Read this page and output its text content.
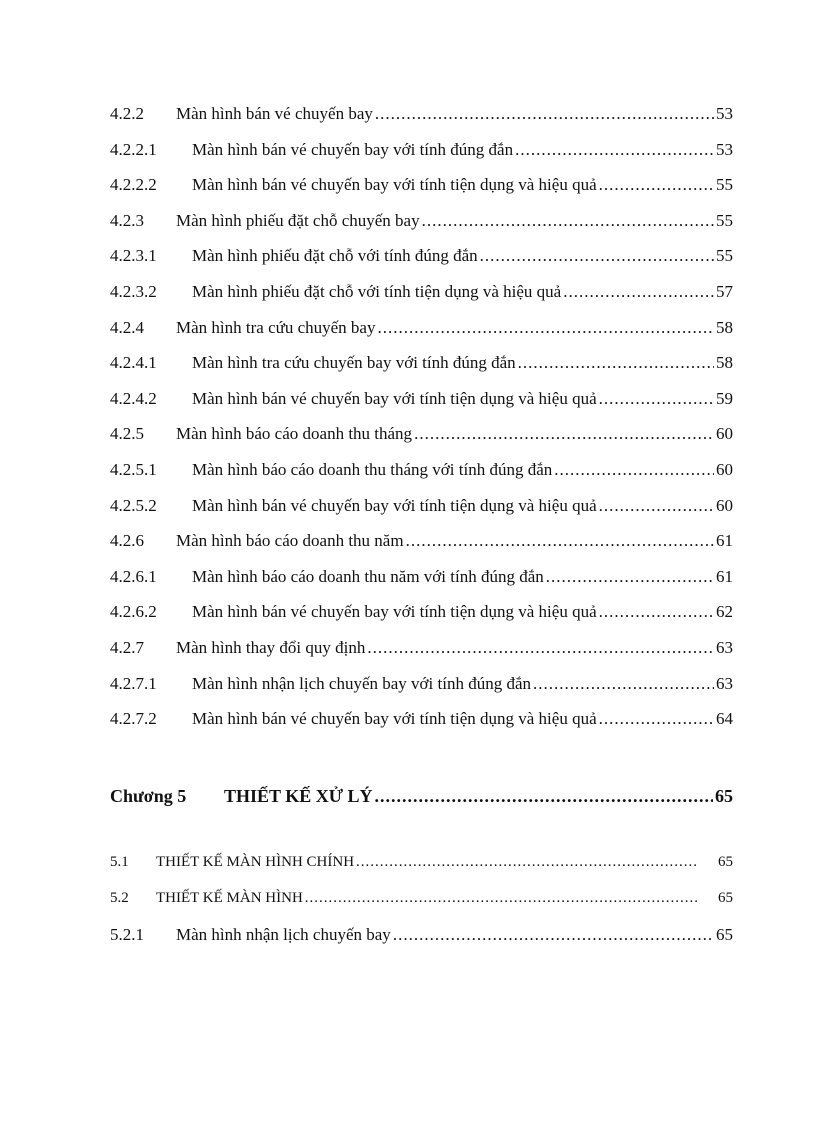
4.2.2	Màn hình bán vé chuyến bay .....	53
4.2.2.1	Màn hình bán vé chuyến bay với tính đúng đắn .....	53
4.2.2.2	Màn hình bán vé chuyến bay với tính tiện dụng và hiệu quả .....	55
4.2.3	Màn hình phiếu đặt chỗ chuyến bay .....	55
4.2.3.1	Màn hình phiếu đặt chỗ với tính đúng đắn .....	55
4.2.3.2	Màn hình phiếu đặt chỗ với tính tiện dụng và hiệu quả .....	57
4.2.4	Màn hình tra cứu chuyến bay .....	58
4.2.4.1	Màn hình tra cứu chuyến bay với tính đúng đắn .....	58
4.2.4.2	Màn hình bán vé chuyến bay với tính tiện dụng và hiệu quả .....	59
4.2.5	Màn hình báo cáo doanh thu tháng .....	60
4.2.5.1	Màn hình báo cáo doanh thu tháng với tính đúng đắn .....	60
4.2.5.2	Màn hình bán vé chuyến bay với tính tiện dụng và hiệu quả .....	60
4.2.6	Màn hình báo cáo doanh thu năm .....	61
4.2.6.1	Màn hình báo cáo doanh thu năm với tính đúng đắn .....	61
4.2.6.2	Màn hình bán vé chuyến bay với tính tiện dụng và hiệu quả .....	62
4.2.7	Màn hình thay đổi quy định .....	63
4.2.7.1	Màn hình nhận lịch chuyến bay với tính đúng đắn .....	63
4.2.7.2	Màn hình bán vé chuyến bay với tính tiện dụng và hiệu quả .....	64
Chương 5	THIẾT KẾ XỬ LÝ .....	65
5.1	THIẾT KẾ MÀN HÌNH CHÍNH .....	65
5.2	THIẾT KẾ MÀN HÌNH .....	65
5.2.1	Màn hình nhận lịch chuyến bay .....	65
